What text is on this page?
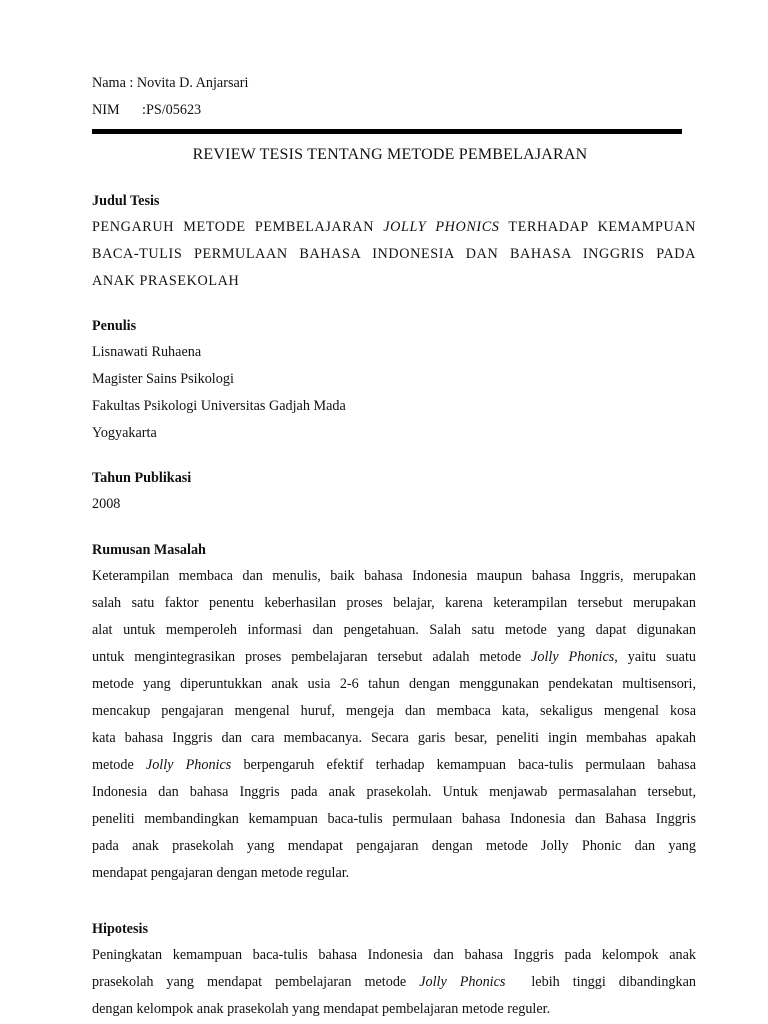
Nama : Novita D. Anjarsari
NIM :PS/05623
REVIEW TESIS TENTANG METODE PEMBELAJARAN
Judul Tesis
PENGARUH METODE PEMBELAJARAN JOLLY PHONICS TERHADAP KEMAMPUAN
BACA-TULIS PERMULAAN BAHASA INDONESIA DAN BAHASA INGGRIS PADA
ANAK PRASEKOLAH
Penulis
Lisnawati Ruhaena
Magister Sains Psikologi
Fakultas Psikologi Universitas Gadjah Mada
Yogyakarta
Tahun Publikasi
2008
Rumusan Masalah
Keterampilan membaca dan menulis, baik bahasa Indonesia maupun bahasa Inggris, merupakan
salah satu faktor penentu keberhasilan proses belajar, karena keterampilan tersebut merupakan
alat untuk memperoleh informasi dan pengetahuan. Salah satu metode yang dapat digunakan
untuk mengintegrasikan proses pembelajaran tersebut adalah metode Jolly Phonics, yaitu suatu
metode yang diperuntukkan anak usia 2-6 tahun dengan menggunakan pendekatan multisensori,
mencakup pengajaran mengenal huruf, mengeja dan membaca kata, sekaligus mengenal kosa
kata bahasa Inggris dan cara membacanya. Secara garis besar, peneliti ingin membahas apakah
metode Jolly Phonics berpengaruh efektif terhadap kemampuan baca-tulis permulaan bahasa
Indonesia dan bahasa Inggris pada anak prasekolah. Untuk menjawab permasalahan tersebut,
peneliti membandingkan kemampuan baca-tulis permulaan bahasa Indonesia dan Bahasa Inggris
pada anak prasekolah yang mendapat pengajaran dengan metode Jolly Phonic dan yang
mendapat pengajaran dengan metode regular.
Hipotesis
Peningkatan kemampuan baca-tulis bahasa Indonesia dan bahasa Inggris pada kelompok anak
prasekolah yang mendapat pembelajaran metode Jolly Phonics  lebih tinggi dibandingkan
dengan kelompok anak prasekolah yang mendapat pembelajaran metode reguler.
